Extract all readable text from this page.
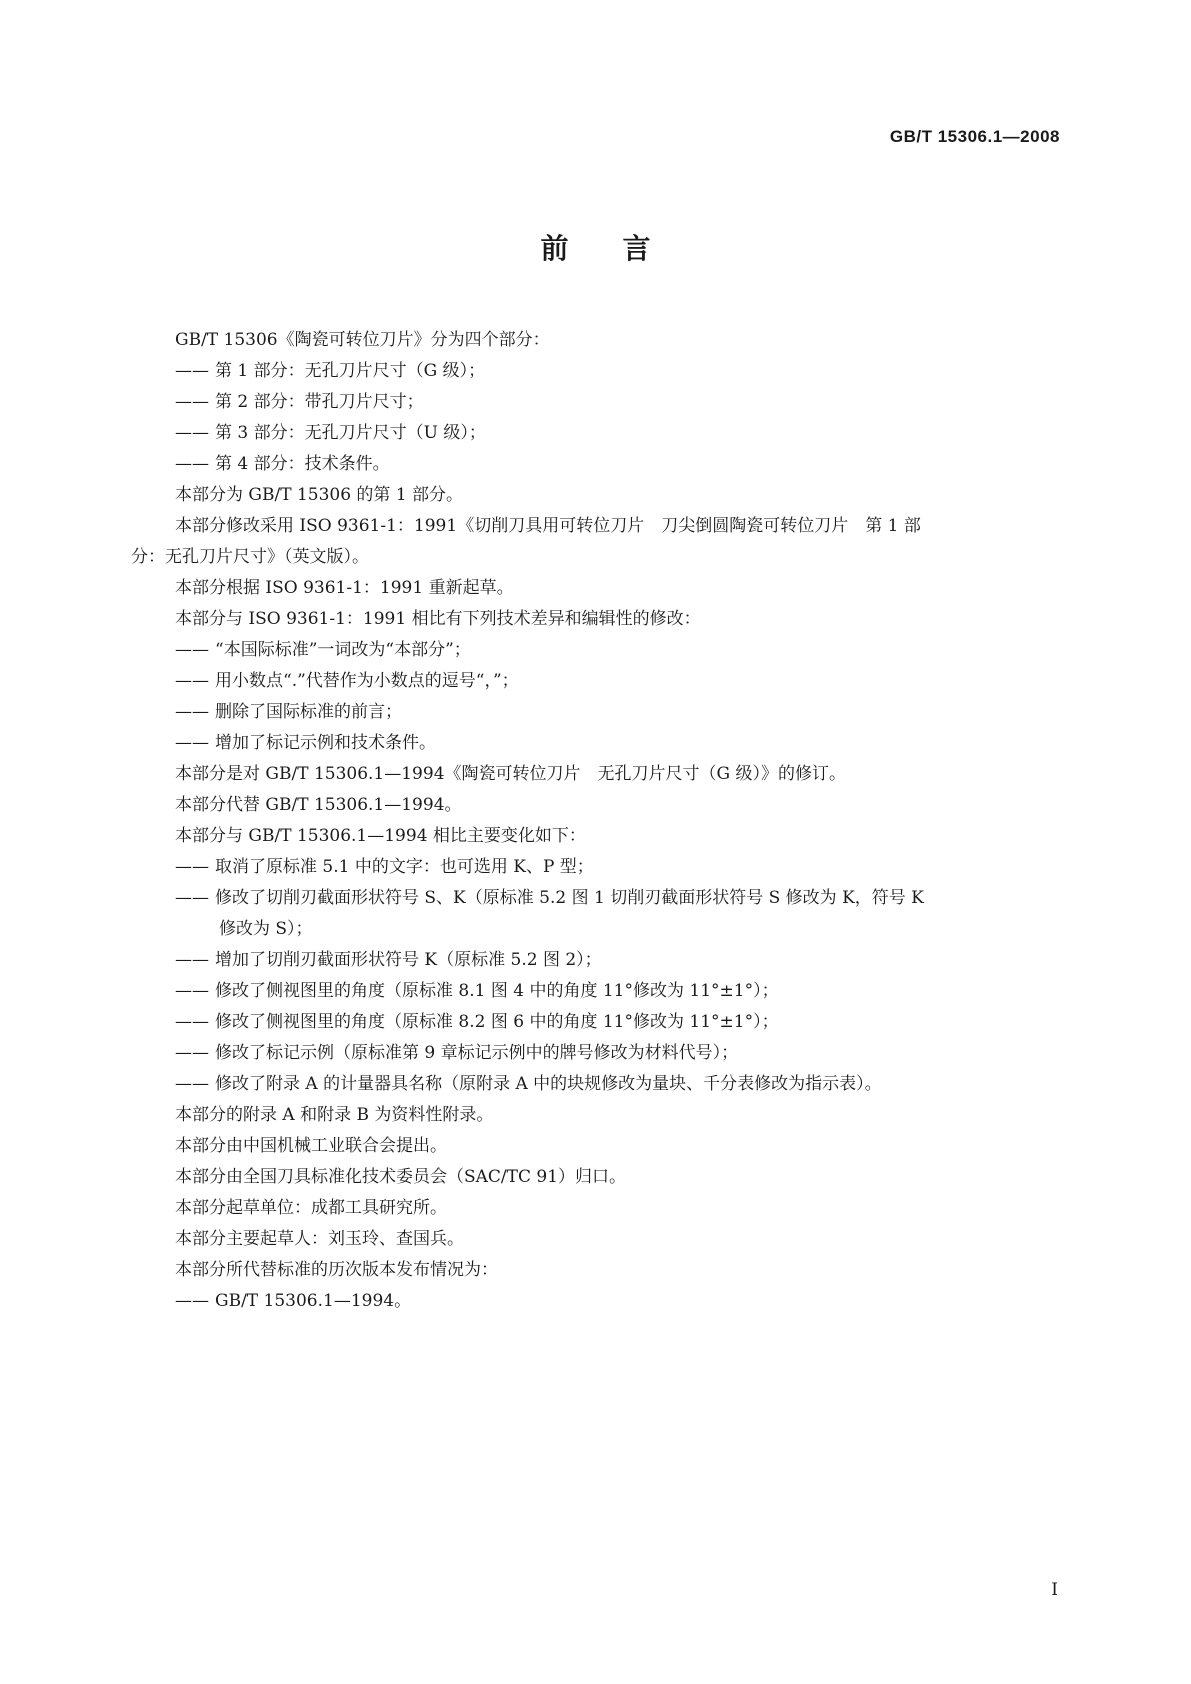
GB/T 15306.1—2008
前言
GB/T 15306《陶瓷可转位刀片》分为四个部分：
—— 第 1 部分：无孔刀片尺寸（G 级）；
—— 第 2 部分：带孔刀片尺寸；
—— 第 3 部分：无孔刀片尺寸（U 级）；
—— 第 4 部分：技术条件。
本部分为 GB/T 15306 的第 1 部分。
本部分修改采用 ISO 9361-1：1991《切削刀具用可转位刀片　刀尖倒圆陶瓷可转位刀片　第 1 部
分：无孔刀片尺寸》（英文版）。
本部分根据 ISO 9361-1：1991 重新起草。
本部分与 ISO 9361-1：1991 相比有下列技术差异和编辑性的修改：
—— “本国际标准”一词改为“本部分”；
—— 用小数点“.”代替作为小数点的逗号“，”；
—— 删除了国际标准的前言；
—— 增加了标记示例和技术条件。
本部分是对 GB/T 15306.1—1994《陶瓷可转位刀片　无孔刀片尺寸（G 级）》的修订。
本部分代替 GB/T 15306.1—1994。
本部分与 GB/T 15306.1—1994 相比主要变化如下：
—— 取消了原标准 5.1 中的文字：也可选用 K、P 型；
—— 修改了切削刃截面形状符号 S、K（原标准 5.2 图 1 切削刃截面形状符号 S 修改为 K，符号 K
修改为 S）；
—— 增加了切削刃截面形状符号 K（原标准 5.2 图 2）；
—— 修改了侧视图里的角度（原标准 8.1 图 4 中的角度 11°修改为 11°±1°）；
—— 修改了侧视图里的角度（原标准 8.2 图 6 中的角度 11°修改为 11°±1°）；
—— 修改了标记示例（原标准第 9 章标记示例中的牌号修改为材料代号）；
—— 修改了附录 A 的计量器具名称（原附录 A 中的块规修改为量块、千分表修改为指示表）。
本部分的附录 A 和附录 B 为资料性附录。
本部分由中国机械工业联合会提出。
本部分由全国刀具标准化技术委员会（SAC/TC 91）归口。
本部分起草单位：成都工具研究所。
本部分主要起草人：刘玉玲、查国兵。
本部分所代替标准的历次版本发布情况为：
—— GB/T 15306.1—1994。
I
